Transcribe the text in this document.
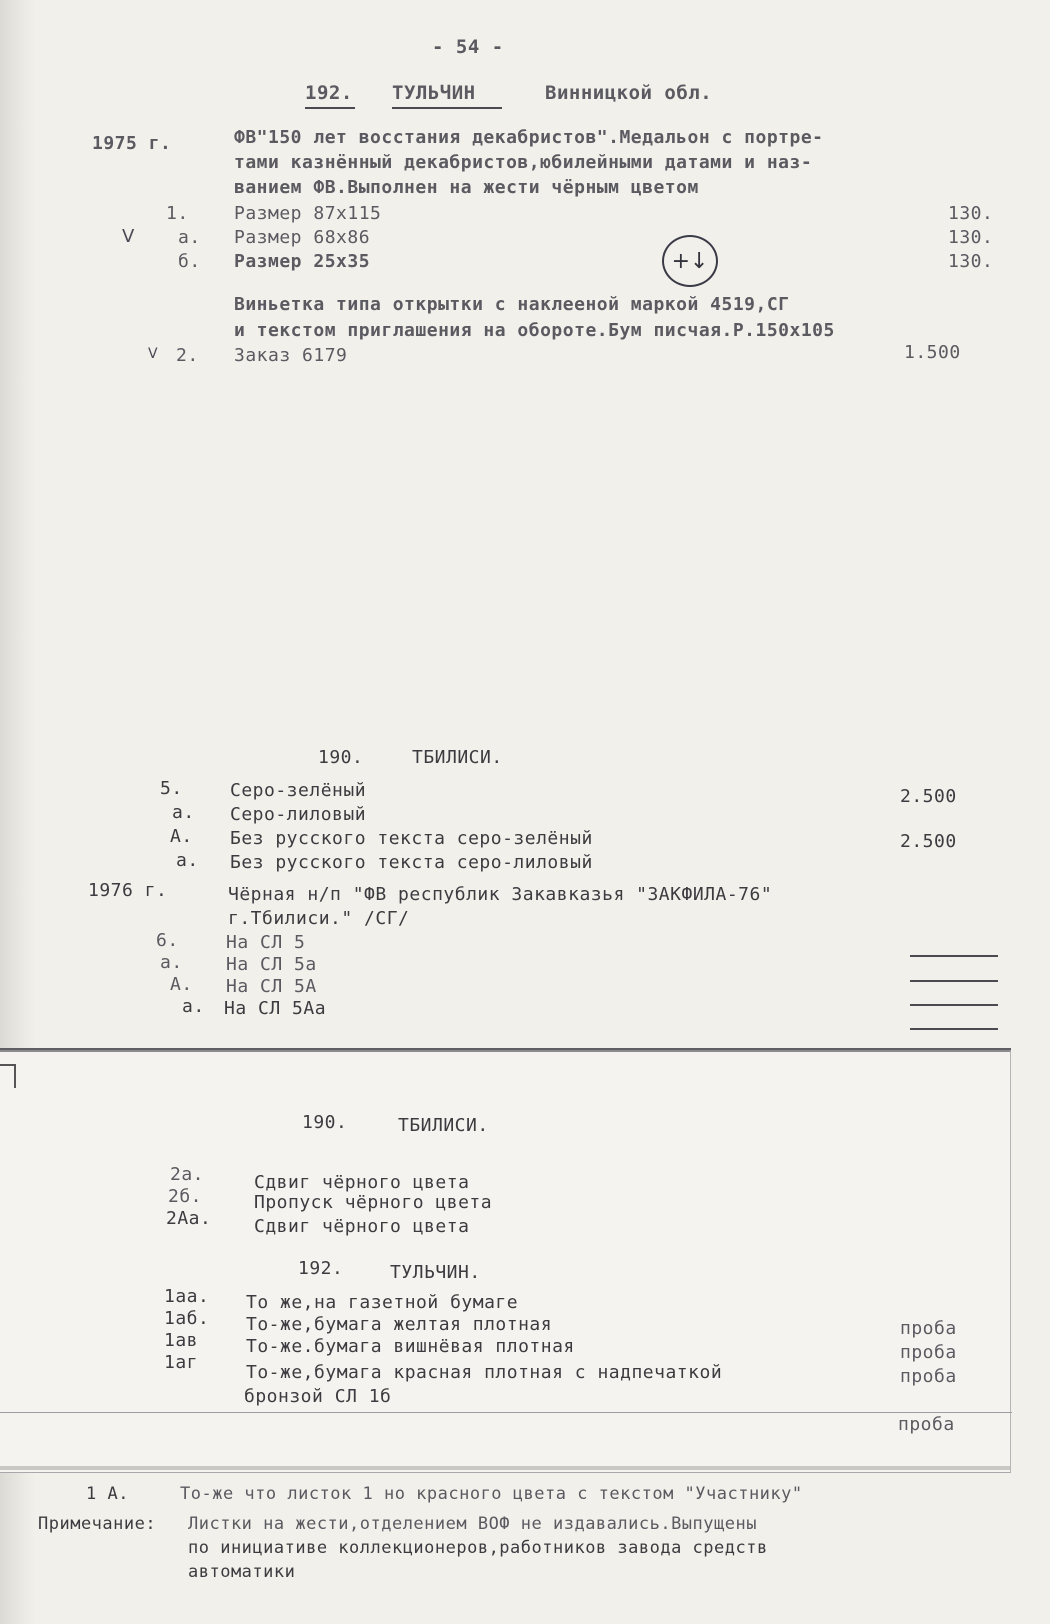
- 54 -
192. ТУЛЬЧИН	Винницкой обл.
1975 г.	ФВ"150 лет восстания декабристов".Медальон с портре-
тами казнённый декабристов,юбилейными датами и наз-
ванием ФВ.Выполнен на жести чёрным цветом
1.	Размер 87х115	130.
V а. Размер 68х86	130.
б. Размер 25х35	130.
+↓
Виньетка типа открытки с наклееной маркой 4519,СГ
и текстом приглашения на обороте.Бум писчая.Р.150х105
V 2. Заказ 6179	1.500
190.	ТБИЛИСИ.
5.	Серо-зелёный	2.500
а. Серо-лиловый
А. Без русского текста серо-зелёный	2.500
а. Без русского текста серо-лиловый
1976 г.	Чёрная н/п "ФВ республик Закавказья "ЗАКФИЛА-76"
г.Тбилиси." /СГ/
6.	На СЛ 5
а. На СЛ 5а
А. На СЛ 5А
а. На СЛ 5Аа
190.	ТБИЛИСИ.
2а.	Сдвиг чёрного цвета
2б.	Пропуск чёрного цвета
2Аа. Сдвиг чёрного цвета
192.	ТУЛЬЧИН.
1аа. То же,на газетной бумаге
1аб. То-же,бумага желтая плотная	проба
1ав	То-же.бумага вишнёвая плотная	проба
1аг	То-же,бумага красная плотная с надпечаткой	проба
бронзой СЛ 1б
проба
1 А.	То-же что листок 1 но красного цвета с текстом "Участнику"
Примечание: Листки на жести,отделением ВОФ не издавались.Выпущены
по инициативе коллекционеров,работников завода средств
автоматики
